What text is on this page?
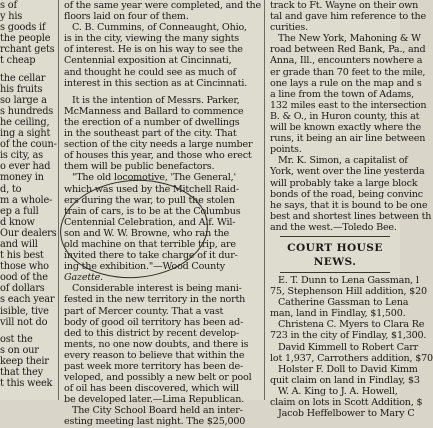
s of
y his
s goods if
the people
rchant gets
t cheap
the cellar
his fruits
so large a
s hundreds
he ceiling,
ing a sight
of the coun-
is city, as
o ever had
money in
d, to
m a whole-
ep a full
d know
Our dealers
and will
t his best
those who
ood of the
of dollars
s each year
isible, tive
vill not do
ost the
s on our
keep their
that they
t this week
of the same year were completed, and the
floors laid on four of them.
C. B. Cummins, of Conneaught, Ohio,
is in the city, viewing the many sights
of interest. He is on his way to see the
Centennial exposition at Cincinnati,
and thought he could see as much of
interest in this section as at Cincinnati.
It is the intention of Messrs. Parker,
McManness and Ballard to commence
the erection of a number of dwellings
in the southeast part of the city. That
section of the city needs a large number
of houses this year, and those who erect
them will be public benefactors.
"The old locomotive, 'The General,'
which was used by the Mitchell Raid-
ers during the war, to pull the stolen
train of cars, is to be at the Columbus
Centennial Celebration, and Alf. Wil-
son and W. W. Browne, who ran the
old machine on that terrible trip, are
invited there to take charge of it dur-
ing the exhibition."—Wood County
Gazette.
Considerable interest is being mani-
fested in the new territory in the north
part of Mercer county. That a vast
body of good oil territory has been ad-
ded to this district by recent develop-
ments, no one now doubts, and there is
every reason to believe that within the
past week more territory has been de-
veloped, and possibly a new belt or pool
of oil has been discovered, which will
be developed later.—Lima Republican.
The City School Board held an inter-
esting meeting last night. The $25,000
track to Ft. Wayne on their own
tal and gave him reference to the
curities.
The New York, Mahoning & W
road between Red Bank, Pa., and
Anna, Ill., encounters nowhere a
er grade than 70 feet to the mile,
one lays a rule on the map and s
a line from the town of Adams,
132 miles east to the intersection
B. & O., in Huron county, this at
will be known exactly where the
runs, it being an air line between
points.
Mr. K. Simon, a capitalist of
York, went over the line yesterda
will probably take a large block
bonds of the road, being convinc
he says, that it is bound to be one
best and shortest lines between th
and the west.—Toledo Bee.
COURT HOUSE NEWS.
E. T. Dunn to Lena Gassman, l
75, Stephenson Hill addition, $20
Catherine Gassman to Lena
man, land in Findlay, $1,500.
Christena C. Myers to Clara Re
723 in the city of Findlay, $1,300.
David Kimmell to Robert Carr
lot 1,937, Carrothers addition, $70
Holster F. Doll to David Kimm
quit claim on land in Findlay, $3
W. A. King to J. A. Howell,
claim on lots in Scott Addition, $
Jacob Heffelbower to Mary C
